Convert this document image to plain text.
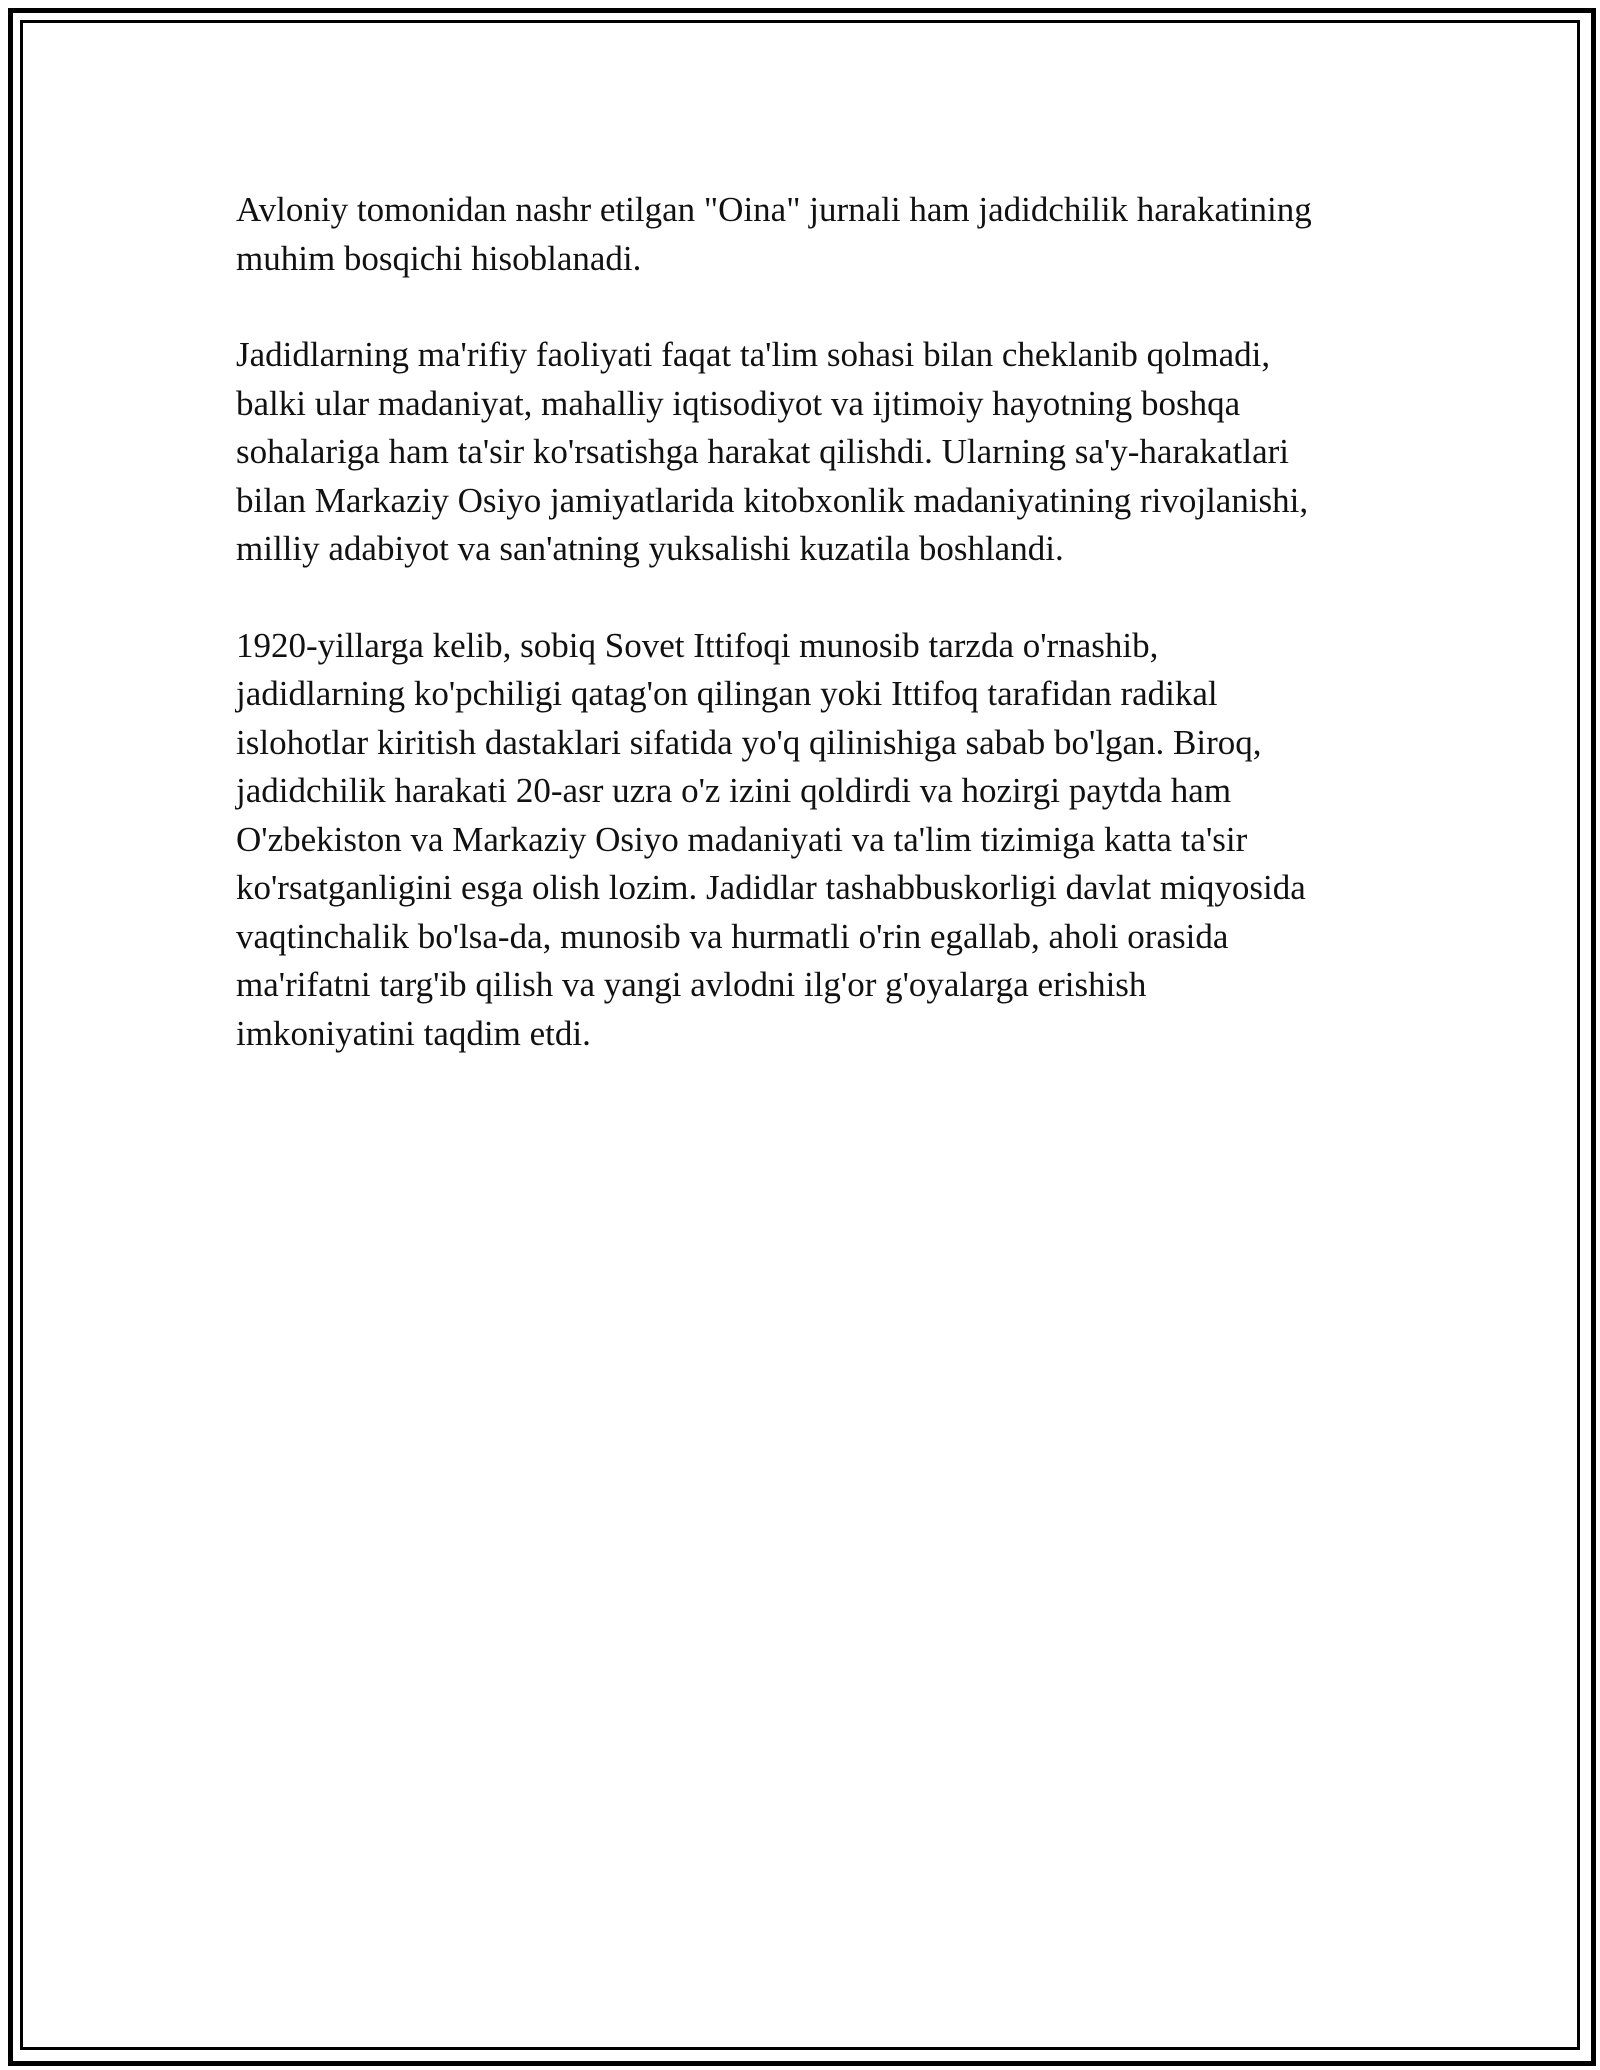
Avloniy tomonidan nashr etilgan "Oina" jurnali ham jadidchilik harakatining
muhim bosqichi hisoblanadi.
Jadidlarning ma'rifiy faoliyati faqat ta'lim sohasi bilan cheklanib qolmadi,
balki ular madaniyat, mahalliy iqtisodiyot va ijtimoiy hayotning boshqa
sohalariga ham ta'sir ko'rsatishga harakat qilishdi. Ularning sa'y-harakatlari
bilan Markaziy Osiyo jamiyatlarida kitobxonlik madaniyatining rivojlanishi,
milliy adabiyot va san'atning yuksalishi kuzatila boshlandi.
1920-yillarga kelib, sobiq Sovet Ittifoqi munosib tarzda o'rnashib,
jadidlarning ko'pchiligi qatag'on qilingan yoki Ittifoq tarafidan radikal
islohotlar kiritish dastaklari sifatida yo'q qilinishiga sabab bo'lgan. Biroq,
jadidchilik harakati 20-asr uzra o'z izini qoldirdi va hozirgi paytda ham
O'zbekiston va Markaziy Osiyo madaniyati va ta'lim tizimiga katta ta'sir
ko'rsatganligini esga olish lozim. Jadidlar tashabbuskorligi davlat miqyosida
vaqtinchalik bo'lsa-da, munosib va hurmatli o'rin egallab, aholi orasida
ma'rifatni targ'ib qilish va yangi avlodni ilg'or g'oyalarga erishish
imkoniyatini taqdim etdi.
